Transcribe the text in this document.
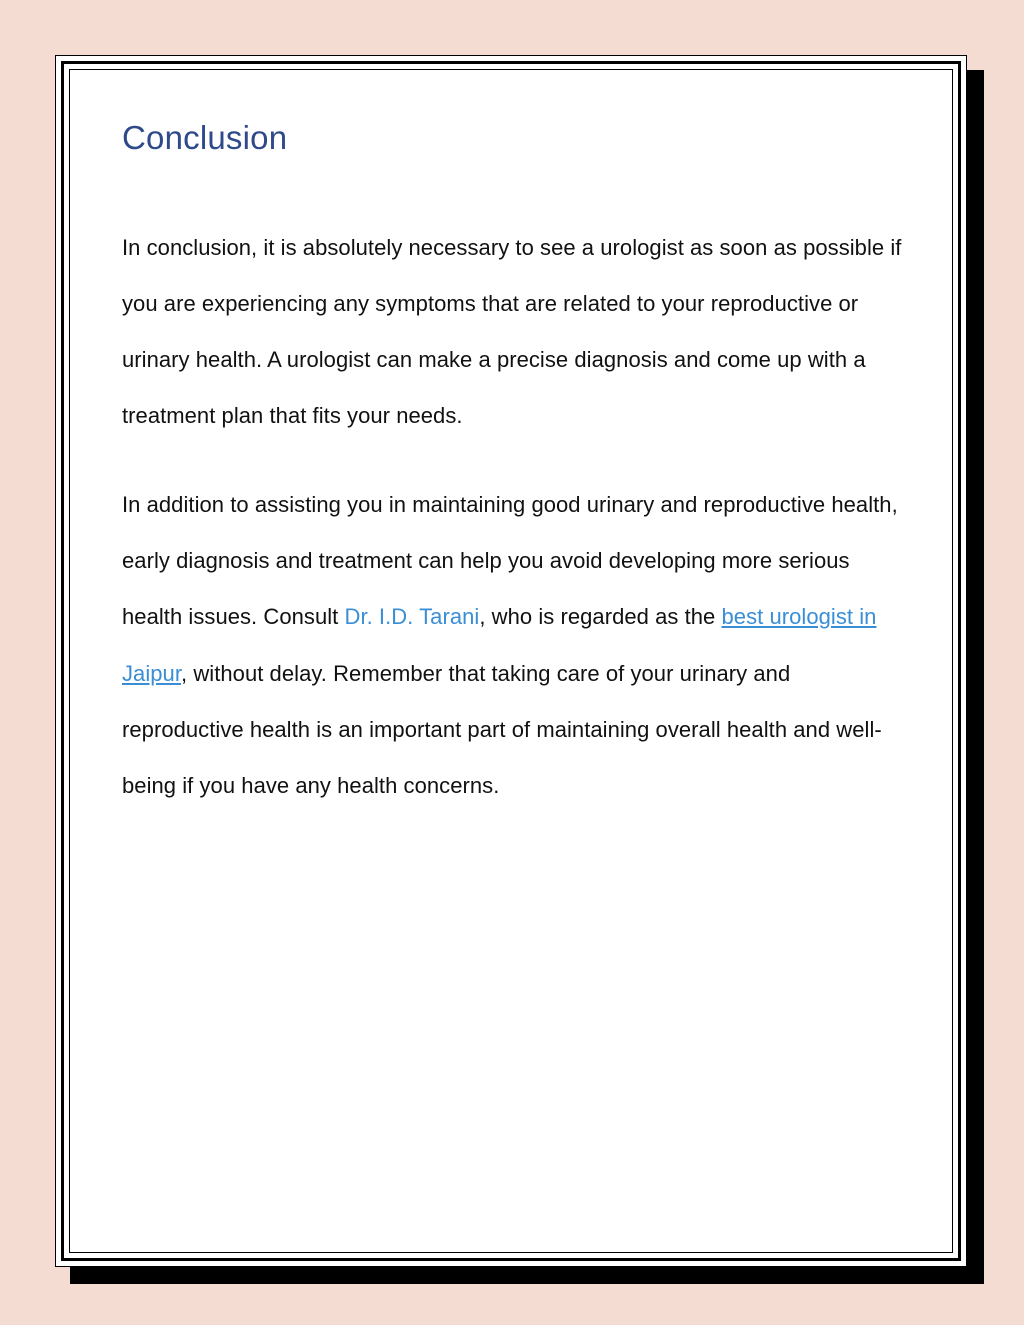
Conclusion

In conclusion, it is absolutely necessary to see a urologist as soon as possible if you are experiencing any symptoms that are related to your reproductive or urinary health. A urologist can make a precise diagnosis and come up with a treatment plan that fits your needs.

In addition to assisting you in maintaining good urinary and reproductive health, early diagnosis and treatment can help you avoid developing more serious health issues. Consult Dr. I.D. Tarani, who is regarded as the best urologist in Jaipur, without delay. Remember that taking care of your urinary and reproductive health is an important part of maintaining overall health and well-being if you have any health concerns.
